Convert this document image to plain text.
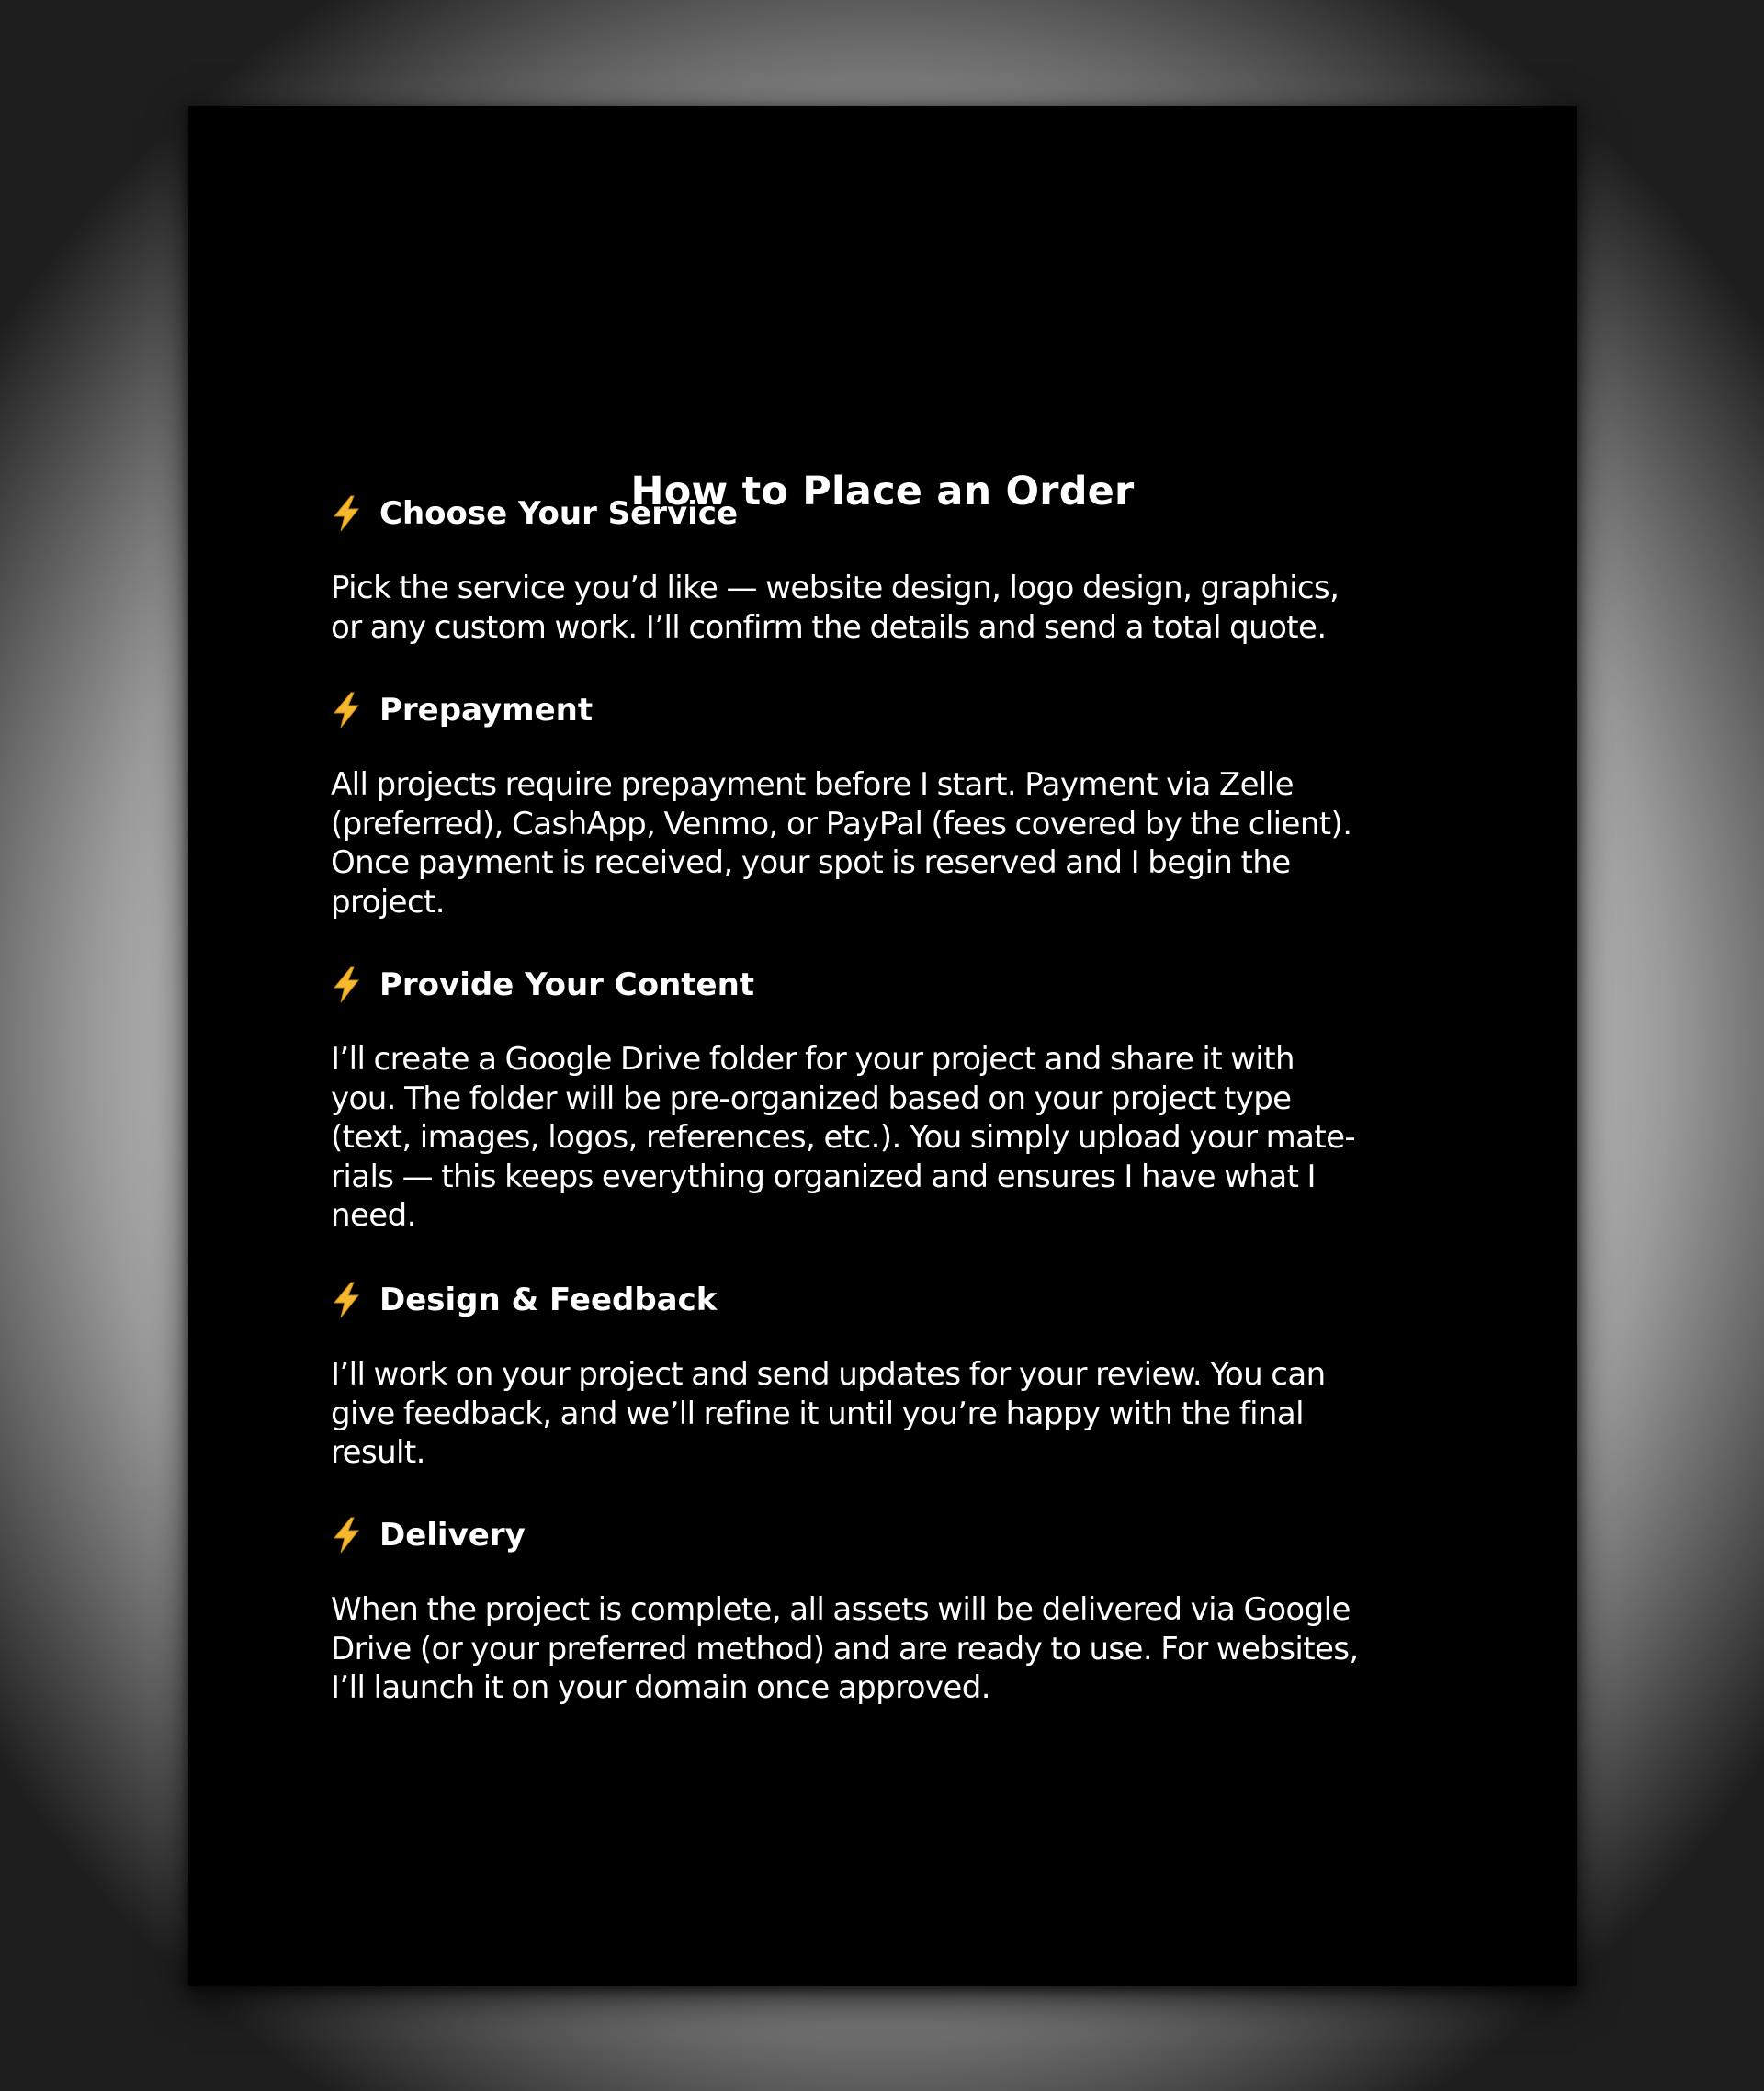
How to Place an Order
Choose Your Service
Pick the service you’d like — website design, logo design, graphics,
or any custom work. I’ll confirm the details and send a total quote.
Prepayment
All projects require prepayment before I start. Payment via Zelle
(preferred), CashApp, Venmo, or PayPal (fees covered by the client).
Once payment is received, your spot is reserved and I begin the
project.
Provide Your Content
I’ll create a Google Drive folder for your project and share it with
you. The folder will be pre-organized based on your project type
(text, images, logos, references, etc.). You simply upload your mate-
rials — this keeps everything organized and ensures I have what I
need.
Design & Feedback
I’ll work on your project and send updates for your review. You can
give feedback, and we’ll refine it until you’re happy with the final
result.
Delivery
When the project is complete, all assets will be delivered via Google
Drive (or your preferred method) and are ready to use. For websites,
I’ll launch it on your domain once approved.
